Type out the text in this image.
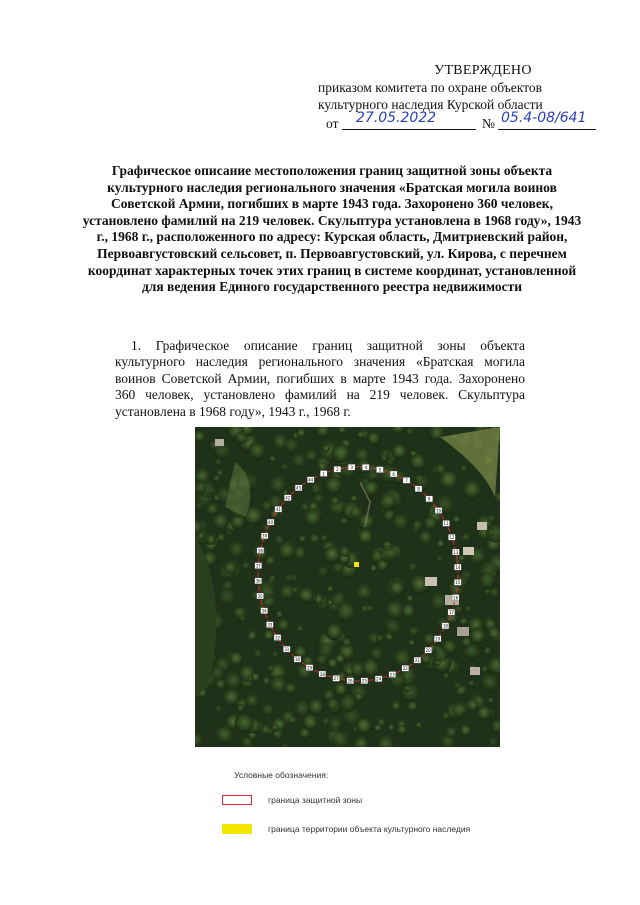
УТВЕРЖДЕНО
приказом комитета по охране объектов
культурного наследия Курской области
от 27.05.2022	№ 05.4-08/641
Графическое описание местоположения границ защитной зоны объекта культурного наследия регионального значения «Братская могила воинов Советской Армии, погибших в марте 1943 года. Захоронено 360 человек, установлено фамилий на 219 человек. Скульптура установлена в 1968 году», 1943 г., 1968 г., расположенного по адресу: Курская область, Дмитриевский район, Первоавгустовский сельсовет, п. Первоавгустовский, ул. Кирова, с перечнем координат характерных точек этих границ в системе координат, установленной для ведения Единого государственного реестра недвижимости
1. Графическое описание границ защитной зоны объекта культурного наследия регионального значения «Братская могила воинов Советской Армии, погибших в марте 1943 года. Захоронено 360 человек, установлено фамилий на 219 человек. Скульптура установлена в 1968 году», 1943 г., 1968 г.
1
2	3	4	5
6
7
8
9
10
11
12
13
14
15
16
17
18
19
20
21
22
23
24
25
26
27
28
29
30
31
32
33
34
35
36
37
38
39
40
41
42
43
44
Условные обозначения:
граница защитной зоны
граница территории объекта культурного наследия
